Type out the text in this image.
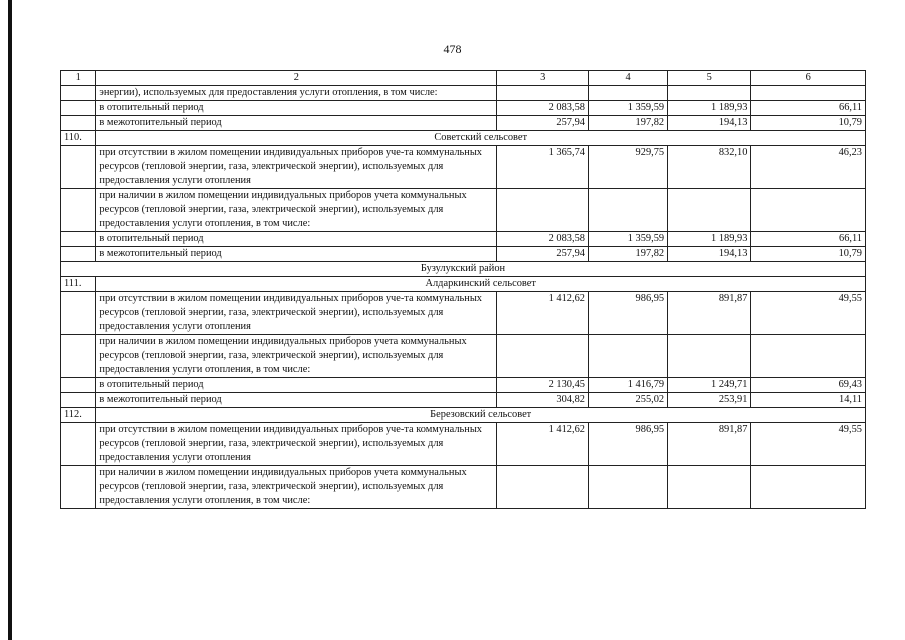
478
1	2	3	4	5	6
	энергии), используемых для предоставления услуги отопления, в том числе:				
	в отопительный период	2 083,58	1 359,59	1 189,93	66,11
	в межотопительный период	257,94	197,82	194,13	10,79
110.	Советский сельсовет				
	при отсутствии в жилом помещении индивидуальных приборов уче-та коммунальных ресурсов (тепловой энергии, газа, электрической энергии), используемых для предоставления услуги отопления	1 365,74	929,75	832,10	46,23
	при наличии в жилом помещении индивидуальных приборов учета коммунальных ресурсов (тепловой энергии, газа, электрической энергии), используемых для предоставления услуги отопления, в том числе:				
	в отопительный период	2 083,58	1 359,59	1 189,93	66,11
	в межотопительный период	257,94	197,82	194,13	10,79
Бузулукский район					
111.	Алдаркинский сельсовет				
	при отсутствии в жилом помещении индивидуальных приборов уче-та коммунальных ресурсов (тепловой энергии, газа, электрической энергии), используемых для предоставления услуги отопления	1 412,62	986,95	891,87	49,55
	при наличии в жилом помещении индивидуальных приборов учета коммунальных ресурсов (тепловой энергии, газа, электрической энергии), используемых для предоставления услуги отопления, в том числе:				
	в отопительный период	2 130,45	1 416,79	1 249,71	69,43
	в межотопительный период	304,82	255,02	253,91	14,11
112.	Березовский сельсовет				
	при отсутствии в жилом помещении индивидуальных приборов уче-та коммунальных ресурсов (тепловой энергии, газа, электрической энергии), используемых для предоставления услуги отопления	1 412,62	986,95	891,87	49,55
	при наличии в жилом помещении индивидуальных приборов учета коммунальных ресурсов (тепловой энергии, газа, электрической энергии), используемых для предоставления услуги отопления, в том числе:				
